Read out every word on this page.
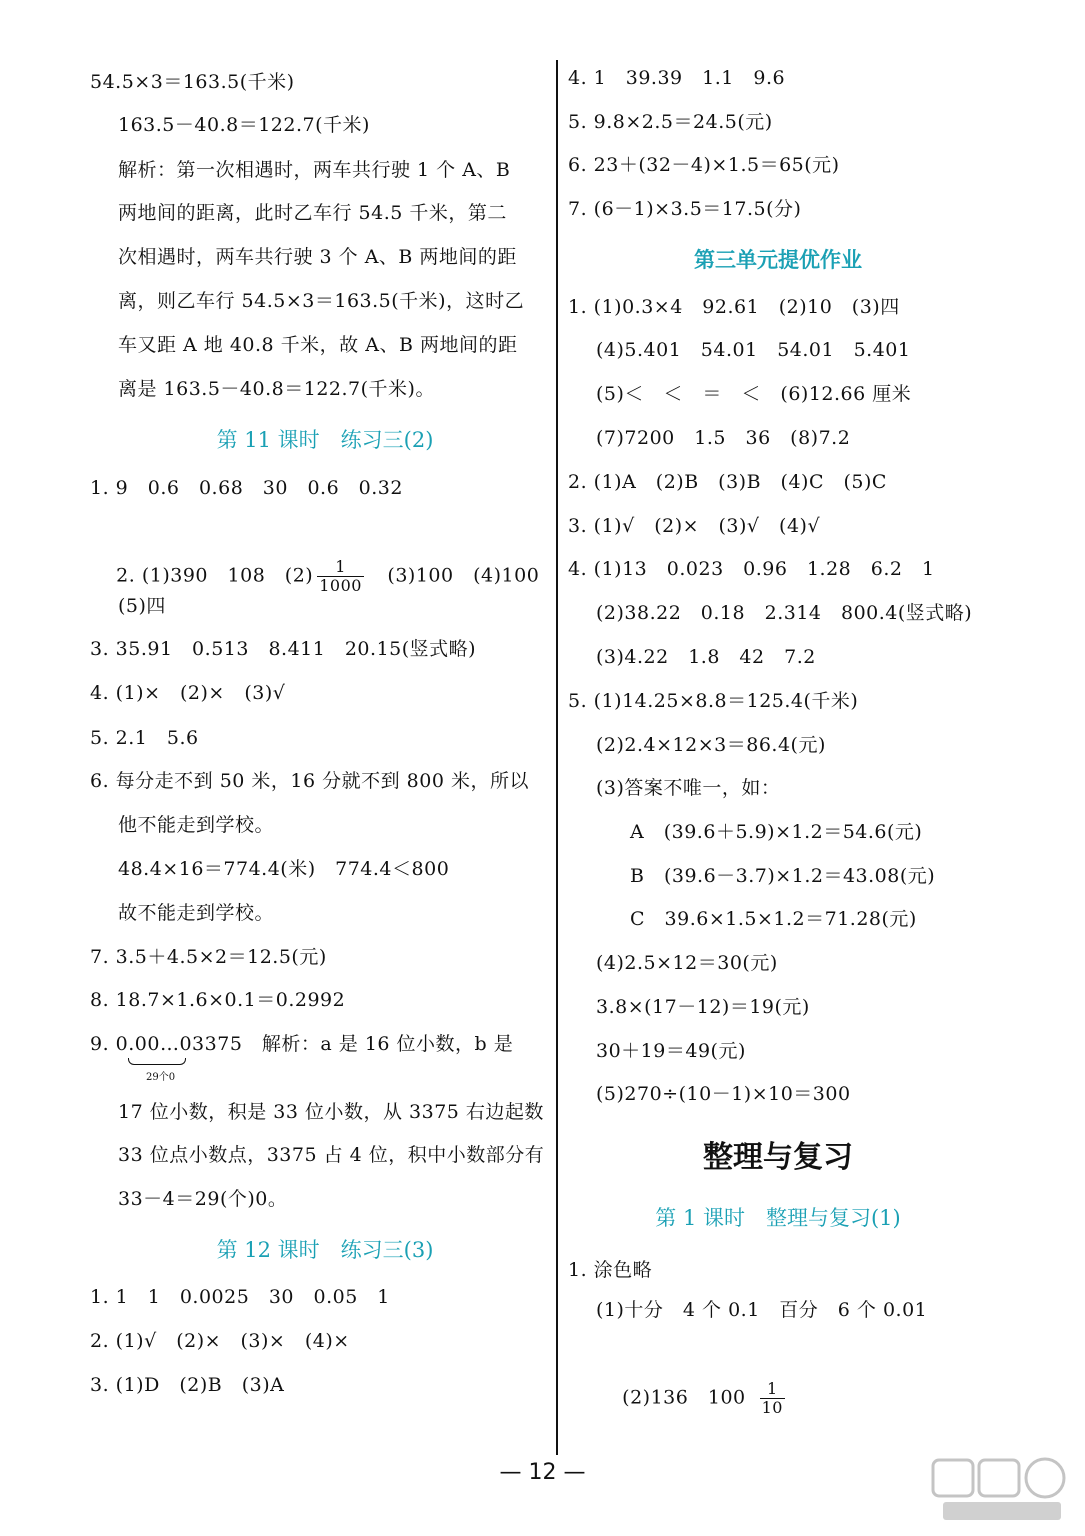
54.5×3＝163.5(千米)
163.5－40.8＝122.7(千米)
解析：第一次相遇时，两车共行驶 1 个 A、B
两地间的距离，此时乙车行 54.5 千米，第二
次相遇时，两车共行驶 3 个 A、B 两地间的距
离，则乙车行 54.5×3＝163.5(千米)，这时乙
车又距 A 地 40.8 千米，故 A、B 两地间的距
离是 163.5－40.8＝122.7(千米)。
第 11 课时　练习三(2)
1. 9　0.6　0.68　30　0.6　0.32

2. (1)390　108　$(2) \frac{1}{1000}$ 　(3)100　(4)100

(5)四
3. 35.91　0.513　8.411　20.15(竖式略)
4. (1)×　(2)×　(3)√
5. 2.1　5.6
6. 每分走不到 50 米，16 分就不到 800 米，所以
他不能走到学校。
48.4×16＝774.4(米)　774.4＜800
故不能走到学校。
7. 3.5＋4.5×2＝12.5(元)
8. 18.7×1.6×0.1＝0.2992
9. 0.00…03375　解析：a 是 16 位小数，b 是
29个0
17 位小数，积是 33 位小数，从 3375 右边起数
33 位点小数点，3375 占 4 位，积中小数部分有
33－4＝29(个)0。
第 12 课时　练习三(3)
1. 1　1　0.0025　30　0.05　1
2. (1)√　(2)×　(3)×　(4)×
3. (1)D　(2)B　(3)A
4. 1　39.39　1.1　9.6
5. 9.8×2.5＝24.5(元)
6. 23＋(32－4)×1.5＝65(元)
7. (6－1)×3.5＝17.5(分)
第三单元提优作业
1. (1)0.3×4　92.61　(2)10　(3)四
(4)5.401　54.01　54.01　5.401
(5)＜　＜　＝　＜　(6)12.66 厘米
(7)7200　1.5　36　(8)7.2
2. (1)A　(2)B　(3)B　(4)C　(5)C
3. (1)√　(2)×　(3)√　(4)√
4. (1)13　0.023　0.96　1.28　6.2　1
(2)38.22　0.18　2.314　800.4(竖式略)
(3)4.22　1.8　42　7.2
5. (1)14.25×8.8＝125.4(千米)
(2)2.4×12×3＝86.4(元)
(3)答案不唯一，如：
A　(39.6＋5.9)×1.2＝54.6(元)
B　(39.6－3.7)×1.2＝43.08(元)
C　39.6×1.5×1.2＝71.28(元)
(4)2.5×12＝30(元)
3.8×(17－12)＝19(元)
30＋19＝49(元)
(5)270÷(10－1)×10＝300
整理与复习
第 1 课时　整理与复习(1)
1. 涂色略
(1)十分　4 个 0.1　百分　6 个 0.01

(2)136　$100 \frac{1}{10}$

— 12 —
